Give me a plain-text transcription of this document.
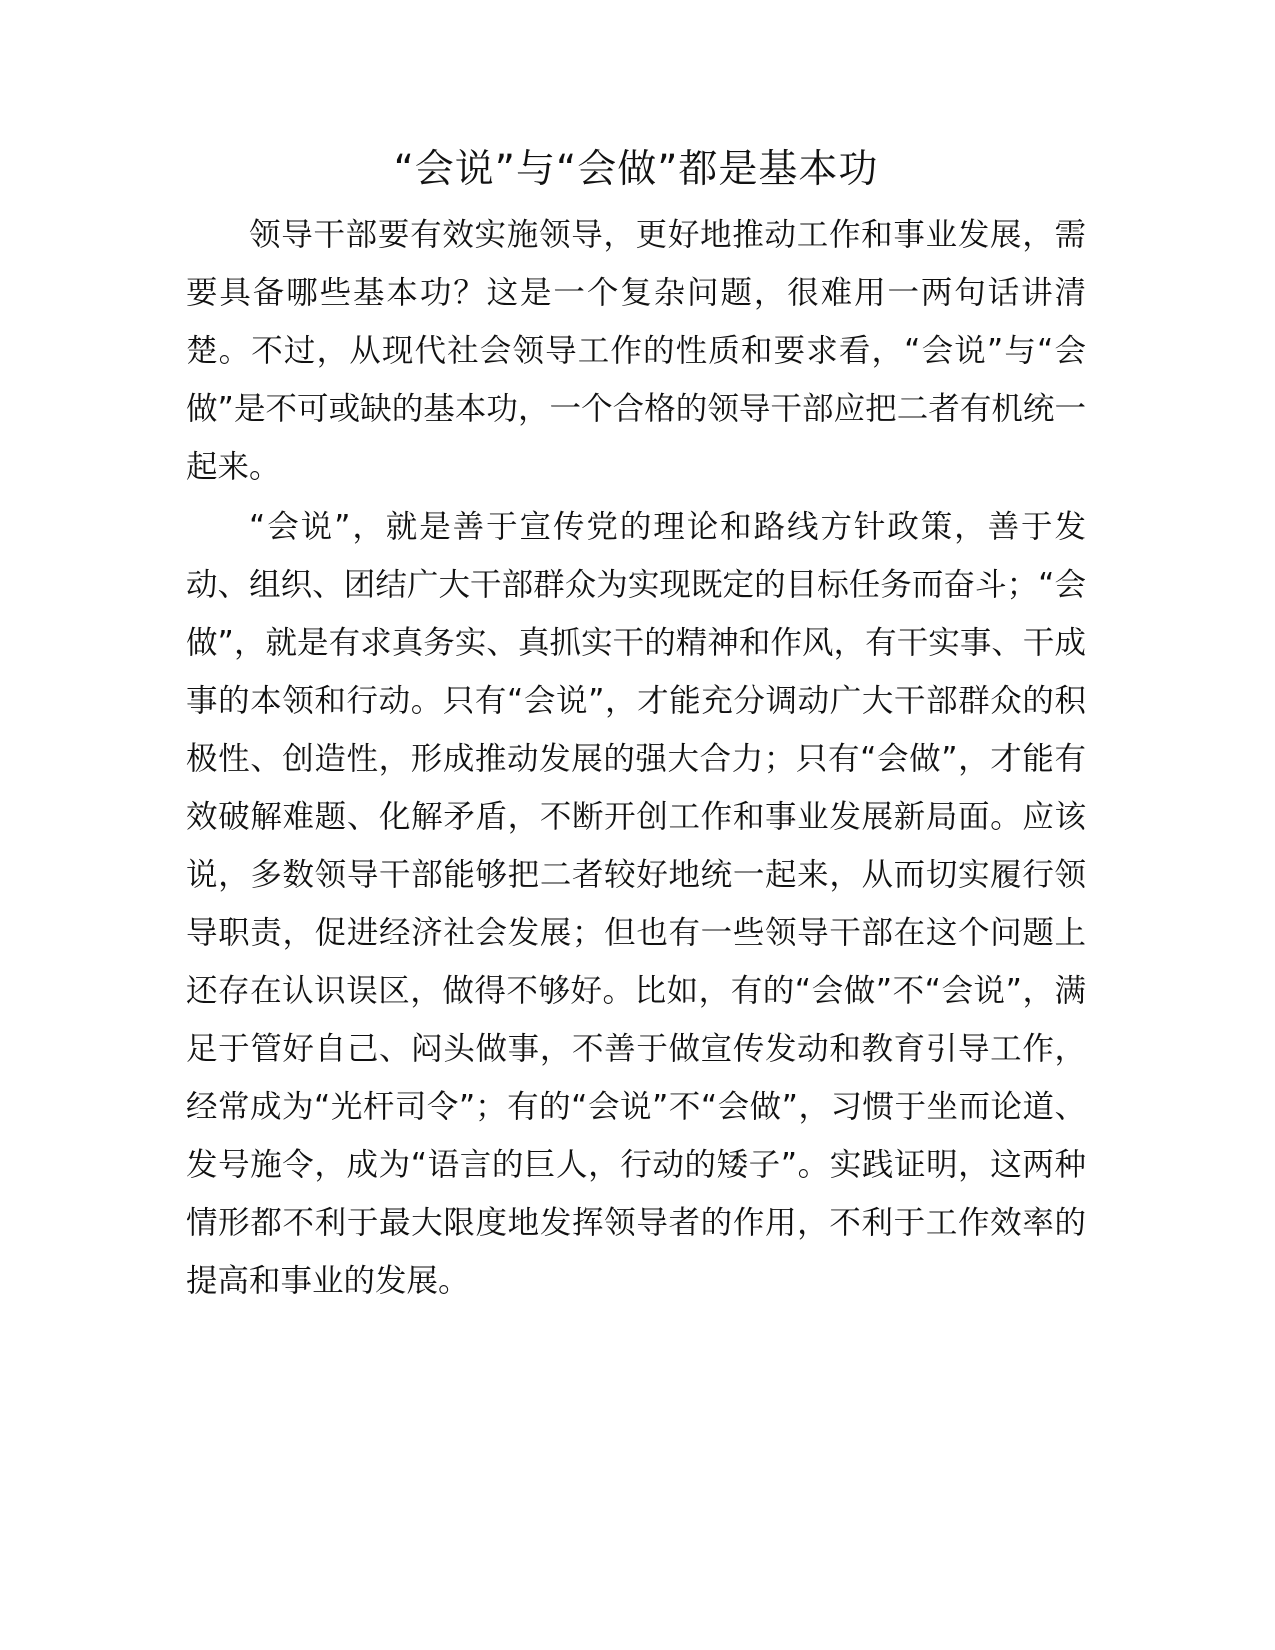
“会说”与“会做”都是基本功

领导干部要有效实施领导，更好地推动工作和事业发展，需要具备哪些基本功？这是一个复杂问题，很难用一两句话讲清楚。不过，从现代社会领导工作的性质和要求看，“会说”与“会做”是不可或缺的基本功，一个合格的领导干部应把二者有机统一起来。

“会说”，就是善于宣传党的理论和路线方针政策，善于发动、组织、团结广大干部群众为实现既定的目标任务而奋斗；“会做”，就是有求真务实、真抓实干的精神和作风，有干实事、干成事的本领和行动。只有“会说”，才能充分调动广大干部群众的积极性、创造性，形成推动发展的强大合力；只有“会做”，才能有效破解难题、化解矛盾，不断开创工作和事业发展新局面。应该说，多数领导干部能够把二者较好地统一起来，从而切实履行领导职责，促进经济社会发展；但也有一些领导干部在这个问题上还存在认识误区，做得不够好。比如，有的“会做”不“会说”，满足于管好自己、闷头做事，不善于做宣传发动和教育引导工作，经常成为“光杆司令”；有的“会说”不“会做”，习惯于坐而论道、发号施令，成为“语言的巨人，行动的矮子”。实践证明，这两种情形都不利于最大限度地发挥领导者的作用，不利于工作效率的提高和事业的发展。
